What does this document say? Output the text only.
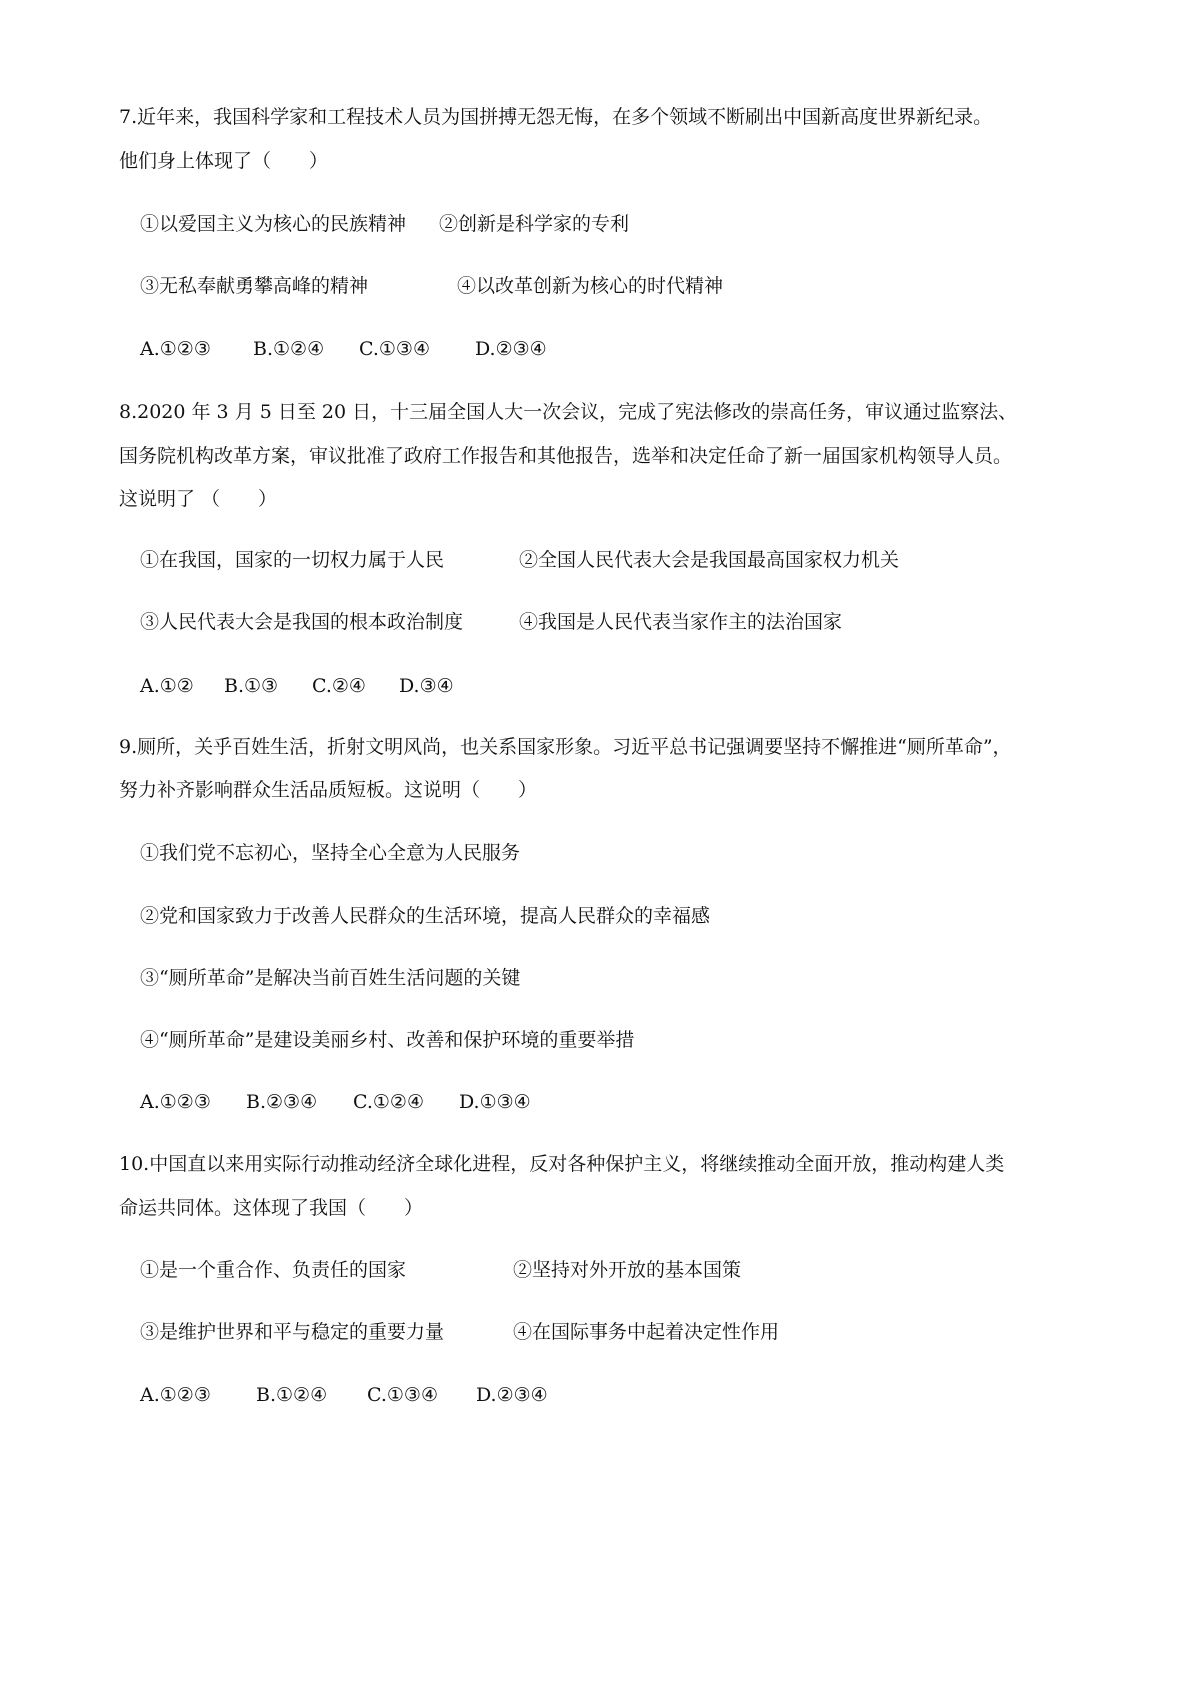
7.近年来，我国科学家和工程技术人员为国拼搏无怨无悔，在多个领域不断刷出中国新高度世界新纪录。
他们身上体现了（　　）
①以爱国主义为核心的民族精神 ②创新是科学家的专利
③无私奉献勇攀高峰的精神	④以改革创新为核心的时代精神
A.①②③ B.①②④ C.①③④ D.②③④
8.2020 年 3 月 5 日至 20 日，十三届全国人大一次会议，完成了宪法修改的崇高任务，审议通过监察法、
国务院机构改革方案，审议批准了政府工作报告和其他报告，选举和决定任命了新一届国家机构领导人员。
这说明了 （　　）
①在我国，国家的一切权力属于人民	②全国人民代表大会是我国最高国家权力机关
③人民代表大会是我国的根本政治制度	④我国是人民代表当家作主的法治国家
A.①② B.①③ C.②④ D.③④
9.厕所，关乎百姓生活，折射文明风尚，也关系国家形象。习近平总书记强调要坚持不懈推进“厕所革命”，
努力补齐影响群众生活品质短板。这说明（　　）
①我们党不忘初心，坚持全心全意为人民服务
②党和国家致力于改善人民群众的生活环境，提高人民群众的幸福感
③“厕所革命”是解决当前百姓生活问题的关键
④“厕所革命”是建设美丽乡村、改善和保护环境的重要举措
A.①②③ B.②③④ C.①②④ D.①③④
10.中国直以来用实际行动推动经济全球化进程，反对各种保护主义，将继续推动全面开放，推动构建人类
命运共同体。这体现了我国（　　）
①是一个重合作、负责任的国家	②坚持对外开放的基本国策
③是维护世界和平与稳定的重要力量	④在国际事务中起着决定性作用
A.①②③ B.①②④ C.①③④ D.②③④
